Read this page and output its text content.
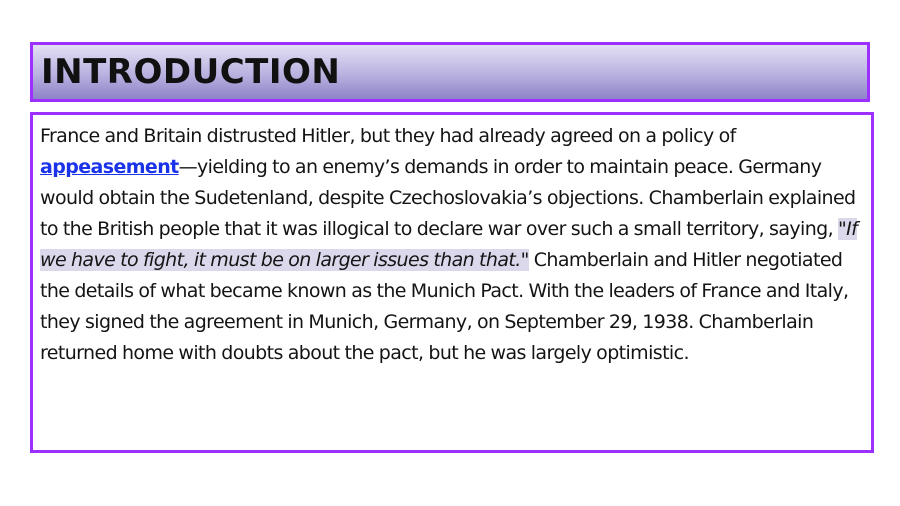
INTRODUCTION

France and Britain distrusted Hitler, but they had already agreed on a policy of appeasement—yielding to an enemy’s demands in order to maintain peace. Germany would obtain the Sudetenland, despite Czechoslovakia’s objections. Chamberlain explained to the British people that it was illogical to declare war over such a small territory, saying, "If we have to fight, it must be on larger issues than that." Chamberlain and Hitler negotiated the details of what became known as the Munich Pact. With the leaders of France and Italy, they signed the agreement in Munich, Germany, on September 29, 1938. Chamberlain returned home with doubts about the pact, but he was largely optimistic.
